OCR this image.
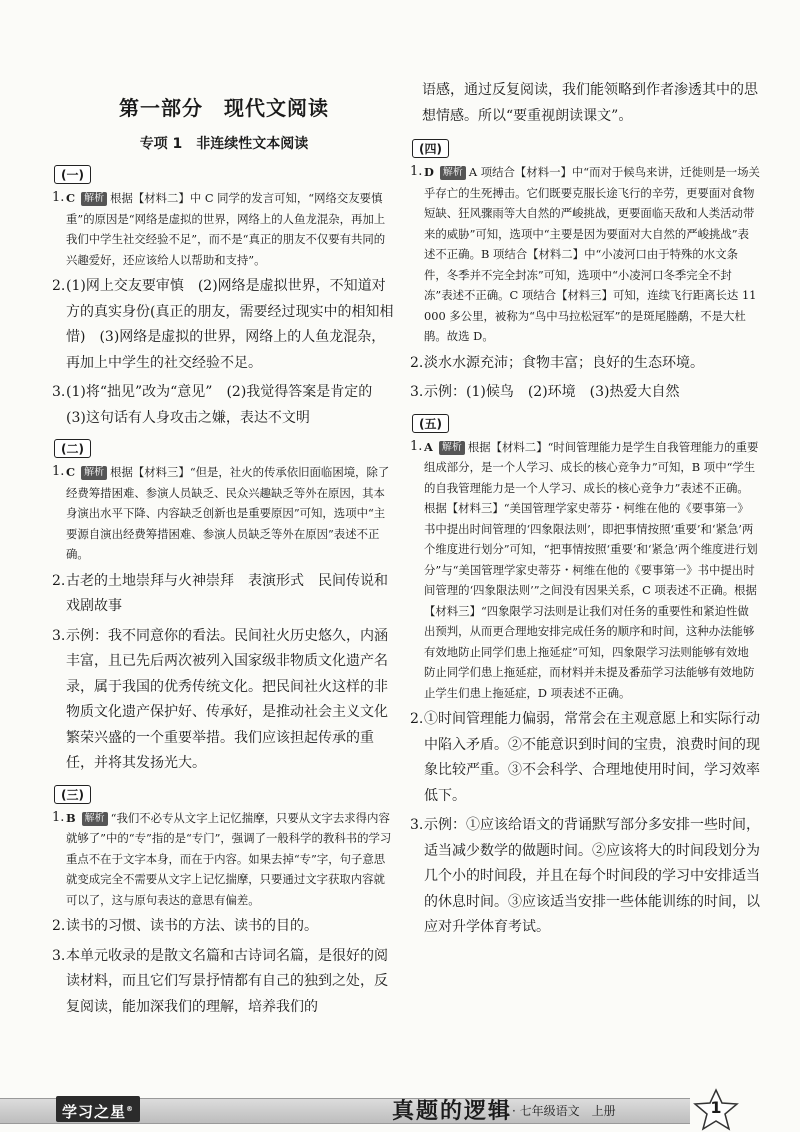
第一部分　现代文阅读
专项 1　非连续性文本阅读
(一)
1. C 解析 根据【材料二】中 C 同学的发言可知，“网络交友要慎重”的原因是“网络是虚拟的世界，网络上的人鱼龙混杂，再加上我们中学生社交经验不足”，而不是“真正的朋友不仅要有共同的兴趣爱好，还应该给人以帮助和支持”。
2. (1)网上交友要审慎　(2)网络是虚拟世界，不知道对方的真实身份(真正的朋友，需要经过现实中的相知相惜)　(3)网络是虚拟的世界，网络上的人鱼龙混杂，再加上中学生的社交经验不足。
3. (1)将“拙见”改为“意见”　(2)我觉得答案是肯定的　(3)这句话有人身攻击之嫌，表达不文明
(二)
1. C 解析 根据【材料三】“但是，社火的传承依旧面临困境，除了经费筹措困难、参演人员缺乏、民众兴趣缺乏等外在原因，其本身演出水平下降、内容缺乏创新也是重要原因”可知，选项中“主要源自演出经费筹措困难、参演人员缺乏等外在原因”表述不正确。
2. 古老的土地崇拜与火神崇拜　表演形式　民间传说和戏剧故事
3. 示例：我不同意你的看法。民间社火历史悠久，内涵丰富，且已先后两次被列入国家级非物质文化遗产名录，属于我国的优秀传统文化。把民间社火这样的非物质文化遗产保护好、传承好，是推动社会主义文化繁荣兴盛的一个重要举措。我们应该担起传承的重任，并将其发扬光大。
(三)
1. B 解析 “我们不必专从文字上记忆揣摩，只要从文字去求得内容就够了”中的“专”指的是“专门”，强调了一般科学的教科书的学习重点不在于文字本身，而在于内容。如果去掉“专”字，句子意思就变成完全不需要从文字上记忆揣摩，只要通过文字获取内容就可以了，这与原句表达的意思有偏差。
2. 读书的习惯、读书的方法、读书的目的。
3. 本单元收录的是散文名篇和古诗词名篇，是很好的阅读材料，而且它们写景抒情都有自己的独到之处，反复阅读，能加深我们的理解，培养我们的
语感，通过反复阅读，我们能领略到作者渗透其中的思想情感。所以“要重视朗读课文”。
(四)
1. D 解析 A 项结合【材料一】中“而对于候鸟来讲，迁徙则是一场关乎存亡的生死搏击。它们既要克服长途飞行的辛劳，更要面对食物短缺、狂风骤雨等大自然的严峻挑战，更要面临天敌和人类活动带来的威胁”可知，选项中“主要是因为要面对大自然的严峻挑战”表述不正确。B 项结合【材料二】中“小凌河口由于特殊的水文条件，冬季并不完全封冻”可知，选项中“小凌河口冬季完全不封冻”表述不正确。C 项结合【材料三】可知，连续飞行距离长达 11 000 多公里，被称为“鸟中马拉松冠军”的是斑尾塍鹬，不是大杜鹃。故选 D。
2. 淡水水源充沛；食物丰富；良好的生态环境。
3. 示例：(1)候鸟　(2)环境　(3)热爱大自然
(五)
1. A 解析 根据【材料二】“时间管理能力是学生自我管理能力的重要组成部分，是一个人学习、成长的核心竞争力”可知，B 项中“学生的自我管理能力是一个人学习、成长的核心竞争力”表述不正确。根据【材料三】“美国管理学家史蒂芬・柯维在他的《要事第一》书中提出时间管理的‘四象限法则’，即把事情按照‘重要’和‘紧急’两个维度进行划分”可知，“把事情按照‘重要’和‘紧急’两个维度进行划分”与“美国管理学家史蒂芬・柯维在他的《要事第一》书中提出时间管理的‘四象限法则’”之间没有因果关系，C 项表述不正确。根据【材料三】“四象限学习法则是让我们对任务的重要性和紧迫性做出预判，从而更合理地安排完成任务的顺序和时间，这种办法能够有效地防止同学们患上拖延症”可知，四象限学习法则能够有效地防止同学们患上拖延症，而材料并未提及番茄学习法能够有效地防止学生们患上拖延症，D 项表述不正确。
2. ①时间管理能力偏弱，常常会在主观意愿上和实际行动中陷入矛盾。②不能意识到时间的宝贵，浪费时间的现象比较严重。③不会科学、合理地使用时间，学习效率低下。
3. 示例：①应该给语文的背诵默写部分多安排一些时间，适当减少数学的做题时间。②应该将大的时间段划分为几个小的时间段，并且在每个时间段的学习中安排适当的休息时间。③应该适当安排一些体能训练的时间，以应对升学体育考试。
学习之星®	真题的逻辑 · 七年级语文　上册	1
